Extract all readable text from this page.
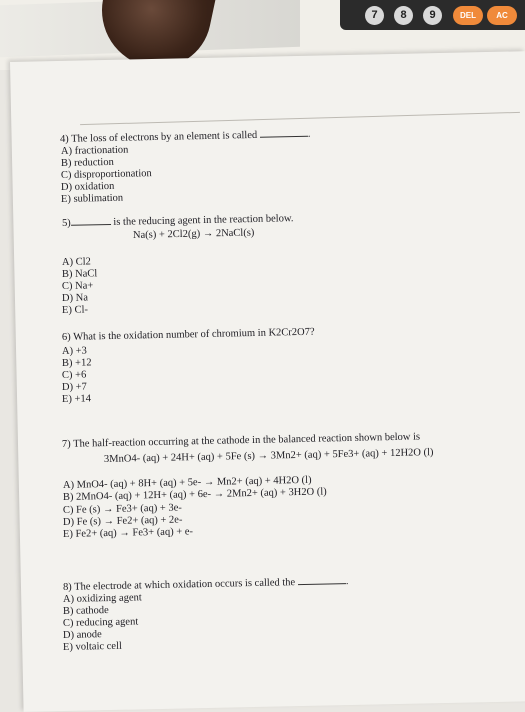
7	8	9	DEL	AC
4) The loss of electrons by an element is called	.
A) fractionation
B) reduction
C) disproportionation
D) oxidation
E) sublimation
5)	is the reducing agent in the reaction below.
Na(s) + 2Cl2(g) → 2NaCl(s)
A) Cl2
B) NaCl
C) Na+
D) Na
E) Cl-
6) What is the oxidation number of chromium in K2Cr2O7?
A) +3
B) +12
C) +6
D) +7
E) +14
7) The half-reaction occurring at the cathode in the balanced reaction shown below is
3MnO4- (aq) + 24H+ (aq) + 5Fe (s) → 3Mn2+ (aq) + 5Fe3+ (aq) + 12H2O (l)
A) MnO4- (aq) + 8H+ (aq) + 5e- → Mn2+ (aq) + 4H2O (l)
B) 2MnO4- (aq) + 12H+ (aq) + 6e- → 2Mn2+ (aq) + 3H2O (l)
C) Fe (s) → Fe3+ (aq) + 3e-
D) Fe (s) → Fe2+ (aq) + 2e-
E) Fe2+ (aq) → Fe3+ (aq) + e-
8) The electrode at which oxidation occurs is called the	.
A) oxidizing agent
B) cathode
C) reducing agent
D) anode
E) voltaic cell
